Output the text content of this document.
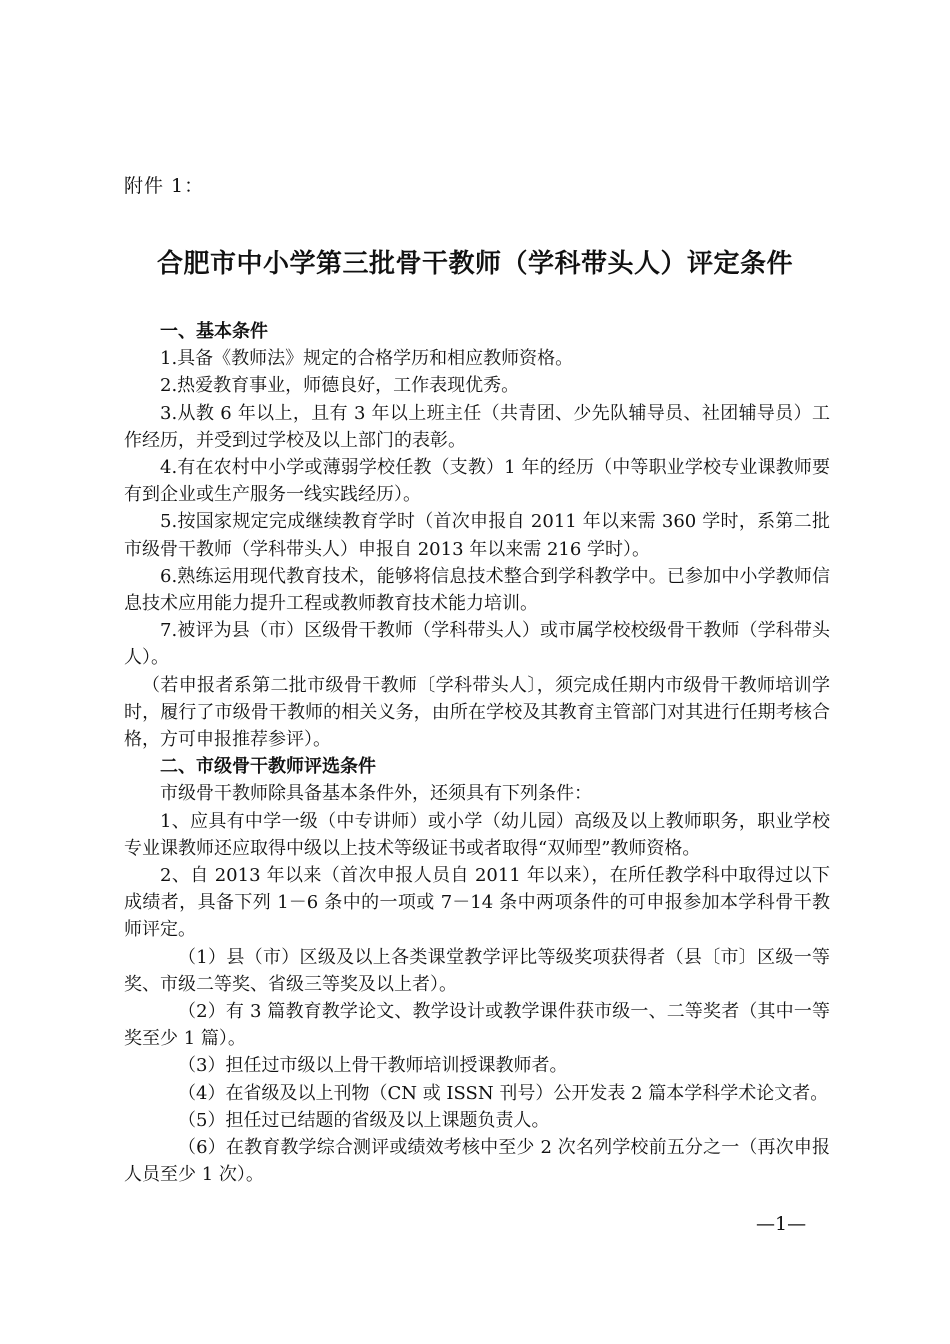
附件 1：
合肥市中小学第三批骨干教师（学科带头人）评定条件

一、基本条件

1.具备《教师法》规定的合格学历和相应教师资格。

2.热爱教育事业，师德良好，工作表现优秀。

3.从教 6 年以上，且有 3 年以上班主任（共青团、少先队辅导员、社团辅导员）工作经历，并受到过学校及以上部门的表彰。

4.有在农村中小学或薄弱学校任教（支教）1 年的经历（中等职业学校专业课教师要有到企业或生产服务一线实践经历）。

5.按国家规定完成继续教育学时（首次申报自 2011 年以来需 360 学时，系第二批市级骨干教师（学科带头人）申报自 2013 年以来需 216 学时）。

6.熟练运用现代教育技术，能够将信息技术整合到学科教学中。已参加中小学教师信息技术应用能力提升工程或教师教育技术能力培训。

7.被评为县（市）区级骨干教师（学科带头人）或市属学校校级骨干教师（学科带头人）。

（若申报者系第二批市级骨干教师〔学科带头人〕，须完成任期内市级骨干教师培训学时，履行了市级骨干教师的相关义务，由所在学校及其教育主管部门对其进行任期考核合格，方可申报推荐参评）。

二、市级骨干教师评选条件

市级骨干教师除具备基本条件外，还须具有下列条件：

1、应具有中学一级（中专讲师）或小学（幼儿园）高级及以上教师职务，职业学校专业课教师还应取得中级以上技术等级证书或者取得“双师型”教师资格。

2、自 2013 年以来（首次申报人员自 2011 年以来），在所任教学科中取得过以下成绩者，具备下列 1－6 条中的一项或 7－14 条中两项条件的可申报参加本学科骨干教师评定。

（1）县（市）区级及以上各类课堂教学评比等级奖项获得者（县〔市〕区级一等奖、市级二等奖、省级三等奖及以上者）。

（2）有 3 篇教育教学论文、教学设计或教学课件获市级一、二等奖者（其中一等奖至少 1 篇）。

（3）担任过市级以上骨干教师培训授课教师者。

（4）在省级及以上刊物（CN 或 ISSN 刊号）公开发表 2 篇本学科学术论文者。

（5）担任过已结题的省级及以上课题负责人。

（6）在教育教学综合测评或绩效考核中至少 2 次名列学校前五分之一（再次申报人员至少 1 次）。

—1—
